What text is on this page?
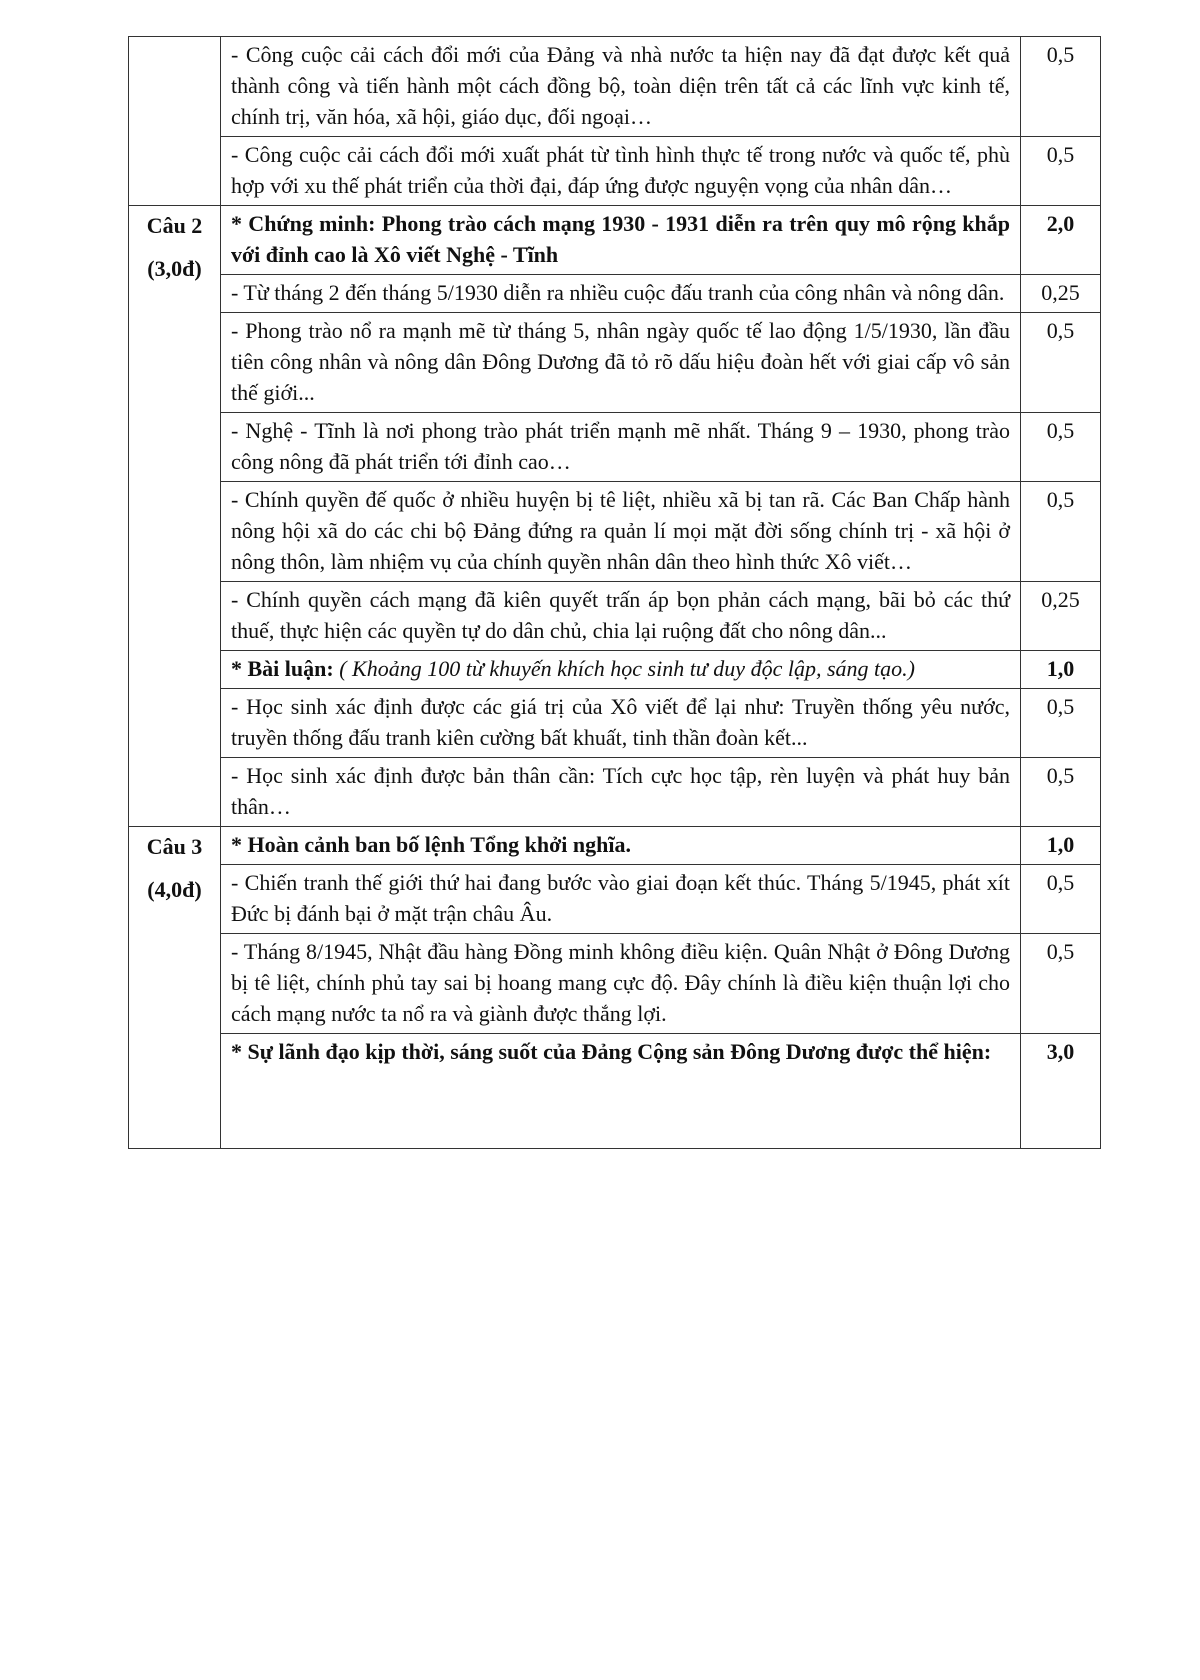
	- Công cuộc cải cách đổi mới của Đảng và nhà nước ta hiện nay đã đạt được kết quả thành công và tiến hành một cách đồng bộ, toàn diện trên tất cả các lĩnh vực kinh tế, chính trị, văn hóa, xã hội, giáo dục, đối ngoại…	0,5
	- Công cuộc cải cách đổi mới xuất phát từ tình hình thực tế trong nước và quốc tế, phù hợp với xu thế phát triển của thời đại, đáp ứng được nguyện vọng của nhân dân…	0,5

Câu 2
(3,0đ)	* Chứng minh: Phong trào cách mạng 1930 - 1931 diễn ra trên quy mô rộng khắp với đỉnh cao là Xô viết Nghệ - Tĩnh	2,0
	- Từ tháng 2 đến tháng 5/1930 diễn ra nhiều cuộc đấu tranh của công nhân và nông dân.	0,25
	- Phong trào nổ ra mạnh mẽ từ tháng 5, nhân ngày quốc tế lao động 1/5/1930, lần đầu tiên công nhân và nông dân Đông Dương đã tỏ rõ dấu hiệu đoàn hết với giai cấp vô sản thế giới...	0,5
	- Nghệ - Tĩnh là nơi phong trào phát triển mạnh mẽ nhất. Tháng 9 – 1930, phong trào công nông đã phát triển tới đỉnh cao…	0,5
	- Chính quyền đế quốc ở nhiều huyện bị tê liệt, nhiều xã bị tan rã. Các Ban Chấp hành nông hội xã do các chi bộ Đảng đứng ra quản lí mọi mặt đời sống chính trị - xã hội ở nông thôn, làm nhiệm vụ của chính quyền nhân dân theo hình thức Xô viết…	0,5
	- Chính quyền cách mạng đã kiên quyết trấn áp bọn phản cách mạng, bãi bỏ các thứ thuế, thực hiện các quyền tự do dân chủ, chia lại ruộng đất cho nông dân...	0,25
	* Bài luận: ( Khoảng 100 từ khuyến khích học sinh tư duy độc lập, sáng tạo.)	1,0
	- Học sinh xác định được các giá trị của Xô viết để lại như: Truyền thống yêu nước, truyền thống đấu tranh kiên cường bất khuất, tinh thần đoàn kết...	0,5
	- Học sinh xác định được bản thân cần: Tích cực học tập, rèn luyện và phát huy bản thân…	0,5

Câu 3
(4,0đ)	* Hoàn cảnh ban bố lệnh Tổng khởi nghĩa.	1,0
	- Chiến tranh thế giới thứ hai đang bước vào giai đoạn kết thúc. Tháng 5/1945, phát xít Đức bị đánh bại ở mặt trận châu Âu.	0,5
	- Tháng 8/1945, Nhật đầu hàng Đồng minh không điều kiện. Quân Nhật ở Đông Dương bị tê liệt, chính phủ tay sai bị hoang mang cực độ. Đây chính là điều kiện thuận lợi cho cách mạng nước ta nổ ra và giành được thắng lợi.	0,5
	* Sự lãnh đạo kịp thời, sáng suốt của Đảng Cộng sản Đông Dương được thể hiện:	3,0
